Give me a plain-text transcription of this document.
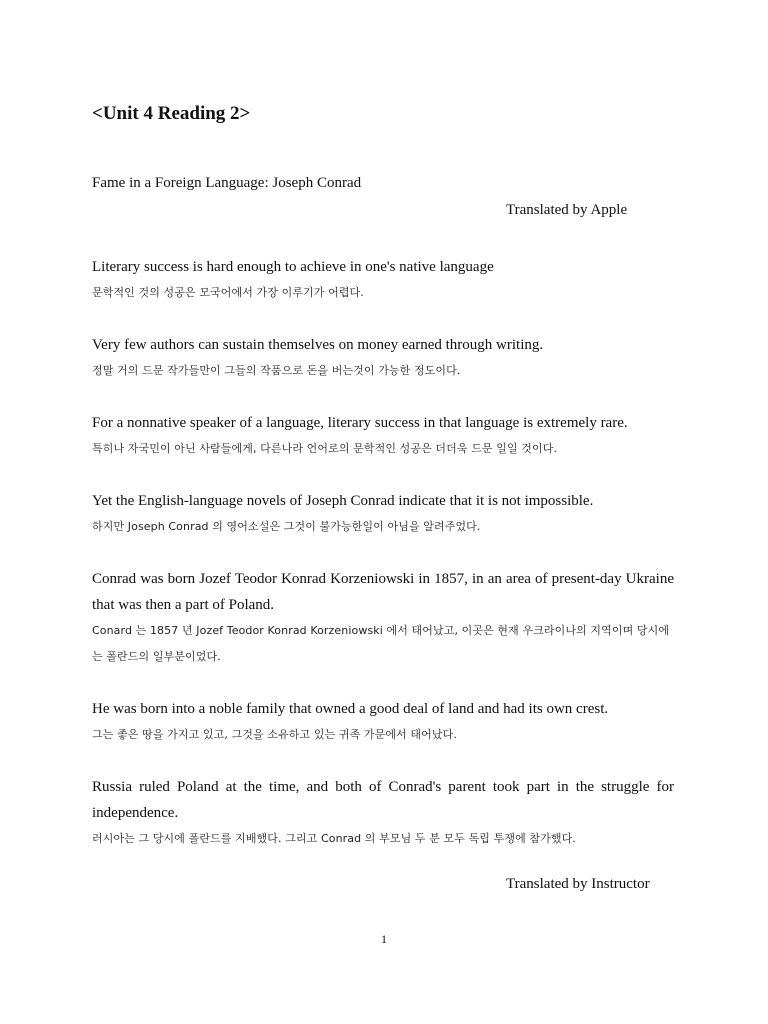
<Unit 4 Reading 2>
Fame in a Foreign Language: Joseph Conrad
Translated by Apple

Literary success is hard enough to achieve in one's native language

문학적인 것의 성공은 모국어에서 가장 이루기가 어렵다.

Very few authors can sustain themselves on money earned through writing.

정말 거의 드문 작가들만이 그들의 작품으로 돈을 버는것이 가능한 정도이다.

For a nonnative speaker of a language, literary success in that language is extremely rare.

특히나 자국민이 아닌 사람들에게, 다른나라 언어로의 문학적인 성공은 더더욱 드문 일일 것이다.

Yet the English-language novels of Joseph Conrad indicate that it is not impossible.

하지만 Joseph Conrad 의 영어소설은 그것이 불가능한일이 아님을 알려주었다.

Conrad was born Jozef Teodor Konrad Korzeniowski in 1857, in an area of present-day Ukraine that was then a part of Poland.

Conard 는 1857 년 Jozef Teodor Konrad Korzeniowski 에서 태어났고, 이곳은 현재 우크라이나의 지역이며 당시에는 폴란드의 일부분이었다.

He was born into a noble family that owned a good deal of land and had its own crest.

그는 좋은 땅을 가지고 있고, 그것을 소유하고 있는 귀족 가문에서 태어났다.

Russia ruled Poland at the time, and both of Conrad's parent took part in the struggle for independence.

러시아는 그 당시에 폴란드를 지배했다. 그리고 Conrad 의 부모님 두 분 모두 독립 투쟁에 참가했다.

Translated by Instructor
1
